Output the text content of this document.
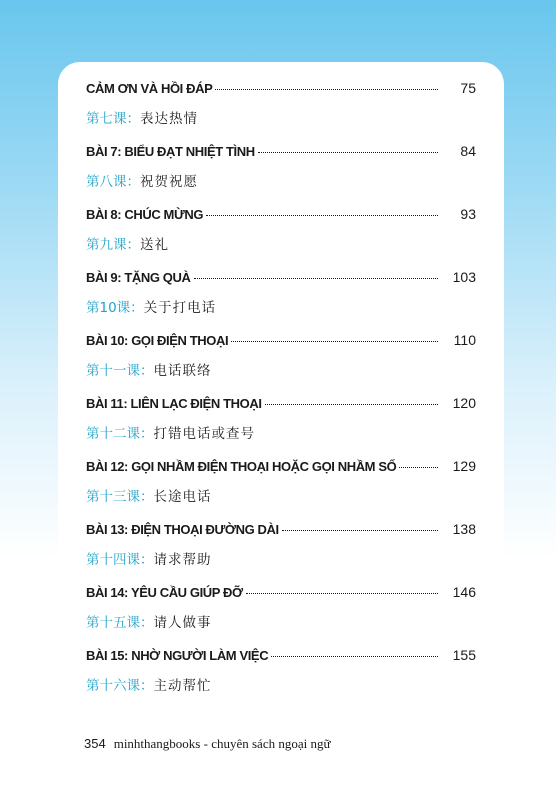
CẢM ƠN VÀ HỒI ĐÁP	75
第七课： 表达热情
BÀI 7: BIỂU ĐẠT NHIỆT TÌNH	84
第八课： 祝贺祝愿
BÀI 8: CHÚC MỪNG	93
第九课： 送礼
BÀI 9: TẶNG QUÀ	103
第10课： 关于打电话
BÀI 10: GỌI ĐIỆN THOẠI	110
第十一课： 电话联络
BÀI 11: LIÊN LẠC ĐIỆN THOẠI	120
第十二课： 打错电话或查号
BÀI 12: GỌI NHẦM ĐIỆN THOẠI HOẶC GỌI NHẦM SỐ	129
第十三课： 长途电话
BÀI 13: ĐIỆN THOẠI ĐƯỜNG DÀI	138
第十四课： 请求帮助
BÀI 14: YÊU CẦU GIÚP ĐỠ	146
第十五课： 请人做事
BÀI 15: NHỜ NGƯỜI LÀM VIỆC	155
第十六课： 主动帮忙
354 minhthangbooks - chuyên sách ngoại ngữ
